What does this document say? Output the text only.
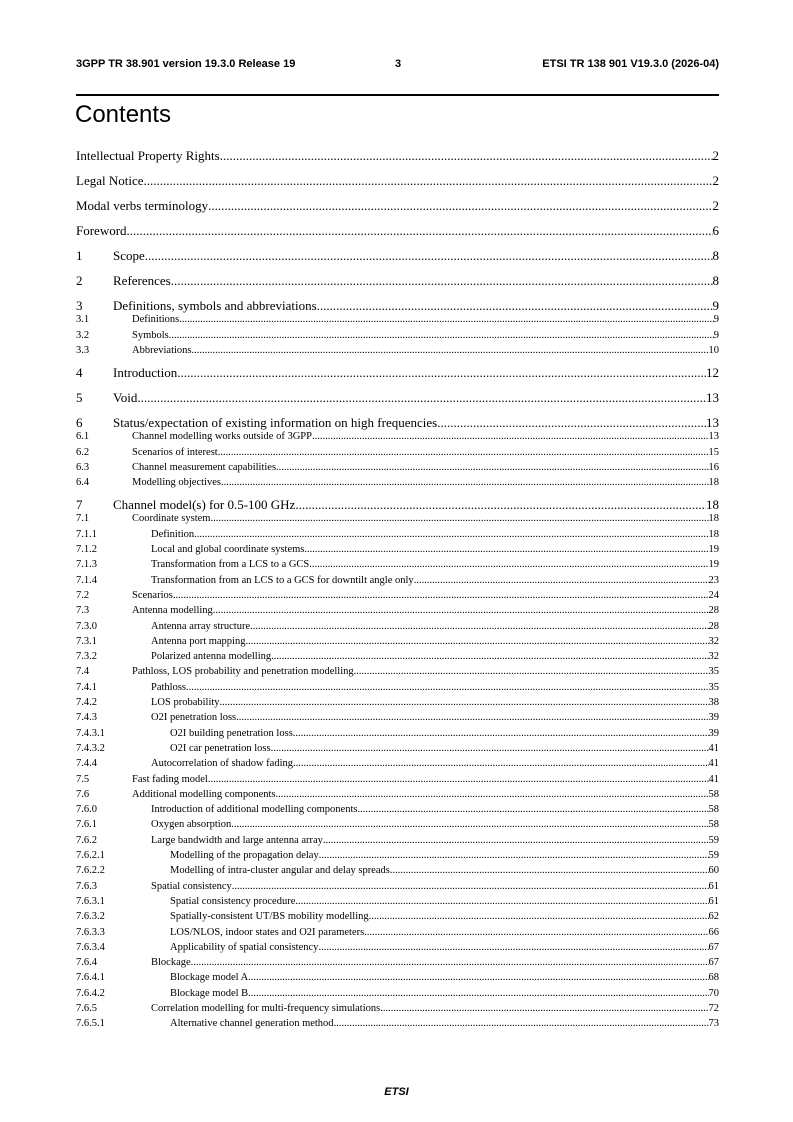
3GPP TR 38.901 version 19.3.0 Release 19	3	ETSI TR 138 901 V19.3.0 (2026-04)
Contents
Intellectual Property Rights .....	2
Legal Notice .....	2
Modal verbs terminology .....	2
Foreword .....	6
1	Scope .....	8
2	References .....	8
3	Definitions, symbols and abbreviations .....	9
3.1	Definitions .....	9
3.2	Symbols .....	9
3.3	Abbreviations .....	10
4	Introduction .....	12
5	Void .....	13
6	Status/expectation of existing information on high frequencies .....	13
6.1	Channel modelling works outside of 3GPP .....	13
6.2	Scenarios of interest .....	15
6.3	Channel measurement capabilities .....	16
6.4	Modelling objectives .....	18
7	Channel model(s) for 0.5-100 GHz .....	18
7.1	Coordinate system .....	18
7.1.1	Definition .....	18
7.1.2	Local and global coordinate systems .....	19
7.1.3	Transformation from a LCS to a GCS .....	19
7.1.4	Transformation from an LCS to a GCS for downtilt angle only .....	23
7.2	Scenarios .....	24
7.3	Antenna modelling .....	28
7.3.0	Antenna array structure .....	28
7.3.1	Antenna port mapping .....	32
7.3.2	Polarized antenna modelling .....	32
7.4	Pathloss, LOS probability and penetration modelling .....	35
7.4.1	Pathloss .....	35
7.4.2	LOS probability .....	38
7.4.3	O2I penetration loss .....	39
7.4.3.1	O2I building penetration loss .....	39
7.4.3.2	O2I car penetration loss .....	41
7.4.4	Autocorrelation of shadow fading .....	41
7.5	Fast fading model .....	41
7.6	Additional modelling components .....	58
7.6.0	Introduction of additional modelling components .....	58
7.6.1	Oxygen absorption .....	58
7.6.2	Large bandwidth and large antenna array .....	59
7.6.2.1	Modelling of the propagation delay .....	59
7.6.2.2	Modelling of intra-cluster angular and delay spreads .....	60
7.6.3	Spatial consistency .....	61
7.6.3.1	Spatial consistency procedure .....	61
7.6.3.2	Spatially-consistent UT/BS mobility modelling .....	62
7.6.3.3	LOS/NLOS, indoor states and O2I parameters .....	66
7.6.3.4	Applicability of spatial consistency .....	67
7.6.4	Blockage .....	67
7.6.4.1	Blockage model A .....	68
7.6.4.2	Blockage model B .....	70
7.6.5	Correlation modelling for multi-frequency simulations .....	72
7.6.5.1	Alternative channel generation method .....	73
ETSI
